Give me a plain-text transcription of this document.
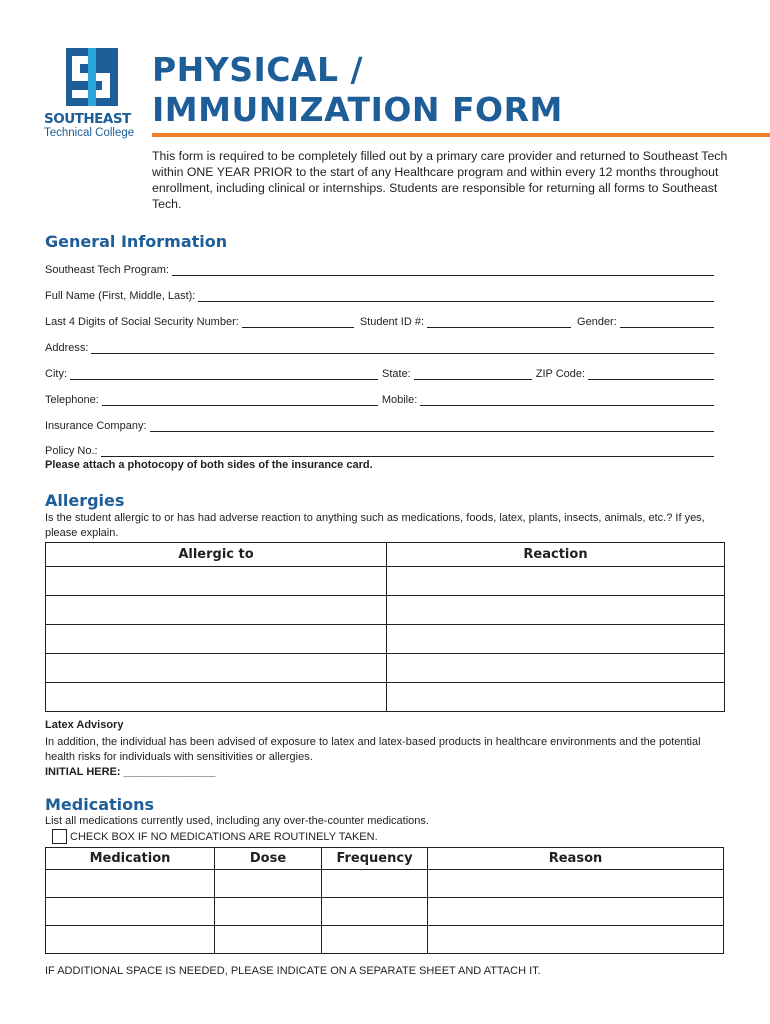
SOUTHEAST
Technical College
PHYSICAL /
IMMUNIZATION FORM
This form is required to be completely filled out by a primary care provider and returned to Southeast Tech within ONE YEAR PRIOR to the start of any Healthcare program and within every 12 months throughout enrollment, including clinical or internships. Students are responsible for returning all forms to Southeast Tech.
General Information
Southeast Tech Program:
Full Name (First, Middle, Last):
Last 4 Digits of Social Security Number:	Student ID #:	Gender:
Address:
City:	State:	ZIP Code:
Telephone:	Mobile:
Insurance Company:
Policy No.:
Please attach a photocopy of both sides of the insurance card.
Allergies
Is the student allergic to or has had adverse reaction to anything such as medications, foods, latex, plants, insects, animals, etc.? If yes, please explain.
Allergic to	Reaction

Latex Advisory
In addition, the individual has been advised of exposure to latex and latex-based products in healthcare environments and the potential health risks for individuals with sensitivities or allergies.
INITIAL HERE: _______________
Medications
List all medications currently used, including any over-the-counter medications.
CHECK BOX IF NO MEDICATIONS ARE ROUTINELY TAKEN.
Medication	Dose	Frequency	Reason

IF ADDITIONAL SPACE IS NEEDED, PLEASE INDICATE ON A SEPARATE SHEET AND ATTACH IT.
